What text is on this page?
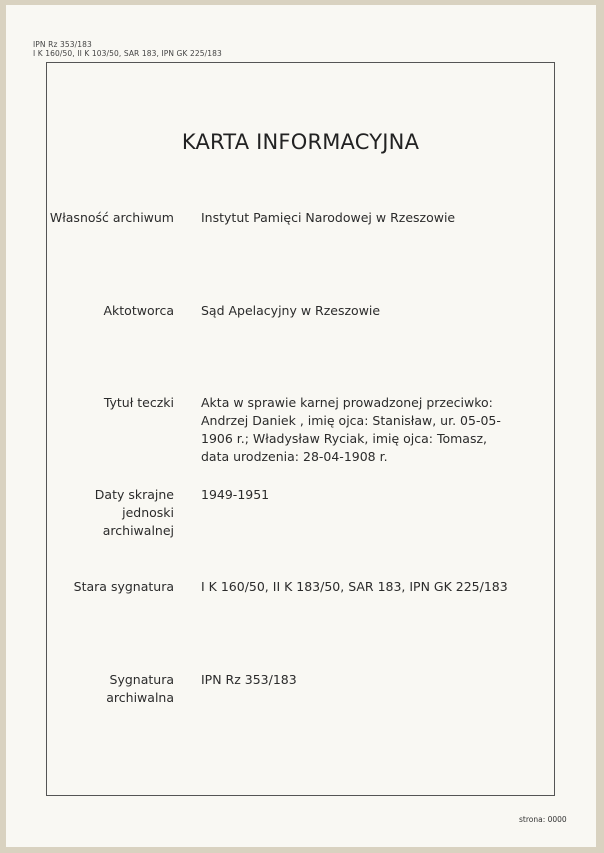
IPN Rz 353/183
I K 160/50, II K 103/50, SAR 183, IPN GK 225/183
KARTA INFORMACYJNA
Własność archiwum Instytut Pamięci Narodowej w Rzeszowie
Aktotworca Sąd Apelacyjny w Rzeszowie
Tytuł teczki Akta w sprawie karnej prowadzonej przeciwko: Andrzej Daniek , imię ojca: Stanisław, ur. 05-05-1906 r.; Władysław Ryciak, imię ojca: Tomasz, data urodzenia: 28-04-1908 r.
Daty skrajne jednoski archiwalnej
1949-1951
Stara sygnatura I K 160/50, II K 183/50, SAR 183, IPN GK 225/183
Sygnatura archiwalna
IPN Rz 353/183
strona: 0000
